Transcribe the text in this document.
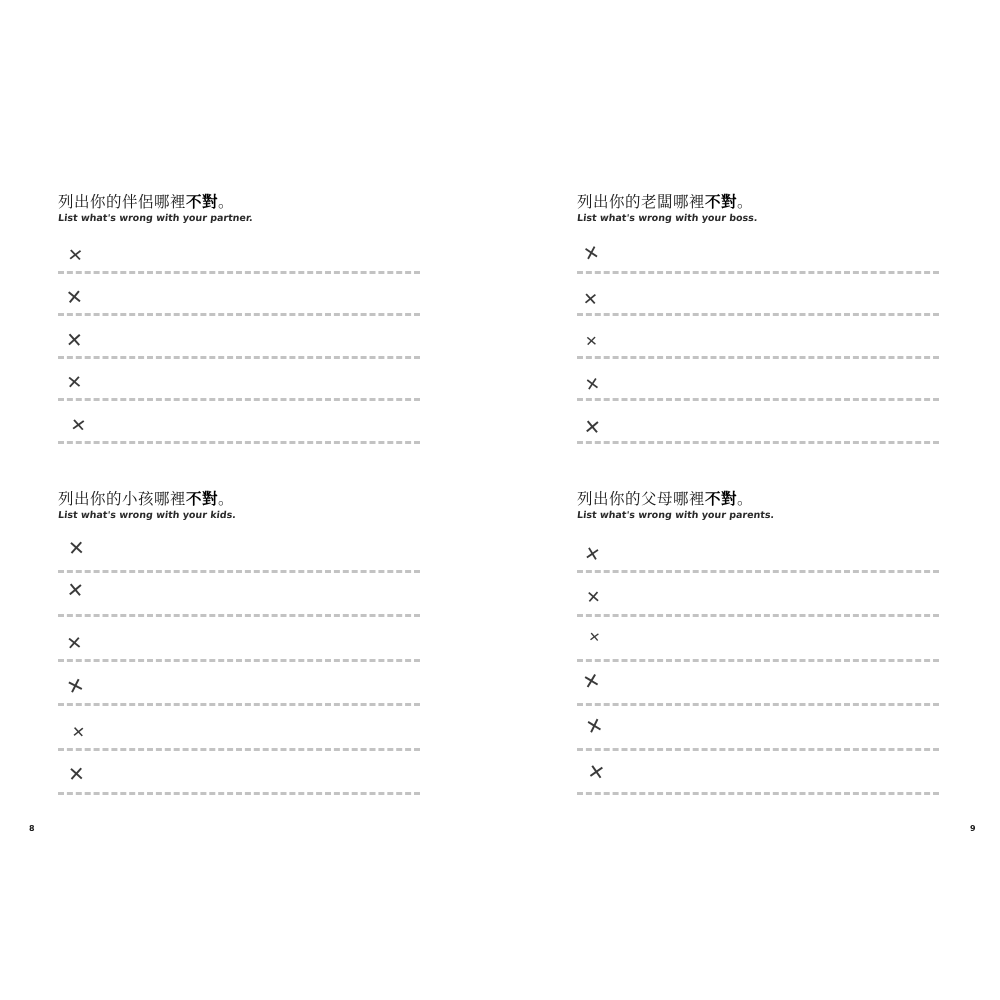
列出你的伴侶哪裡不對。
List what's wrong with your partner.
✕
✕
✕
✕
✕
列出你的小孩哪裡不對。
List what's wrong with your kids.
✕
✕
✕
✕
✕
✕
8
列出你的老闆哪裡不對。
List what's wrong with your boss.
✕
✕
✕
✕
✕
列出你的父母哪裡不對。
List what's wrong with your parents.
✕
✕
✕
✕
✕
✕
9
